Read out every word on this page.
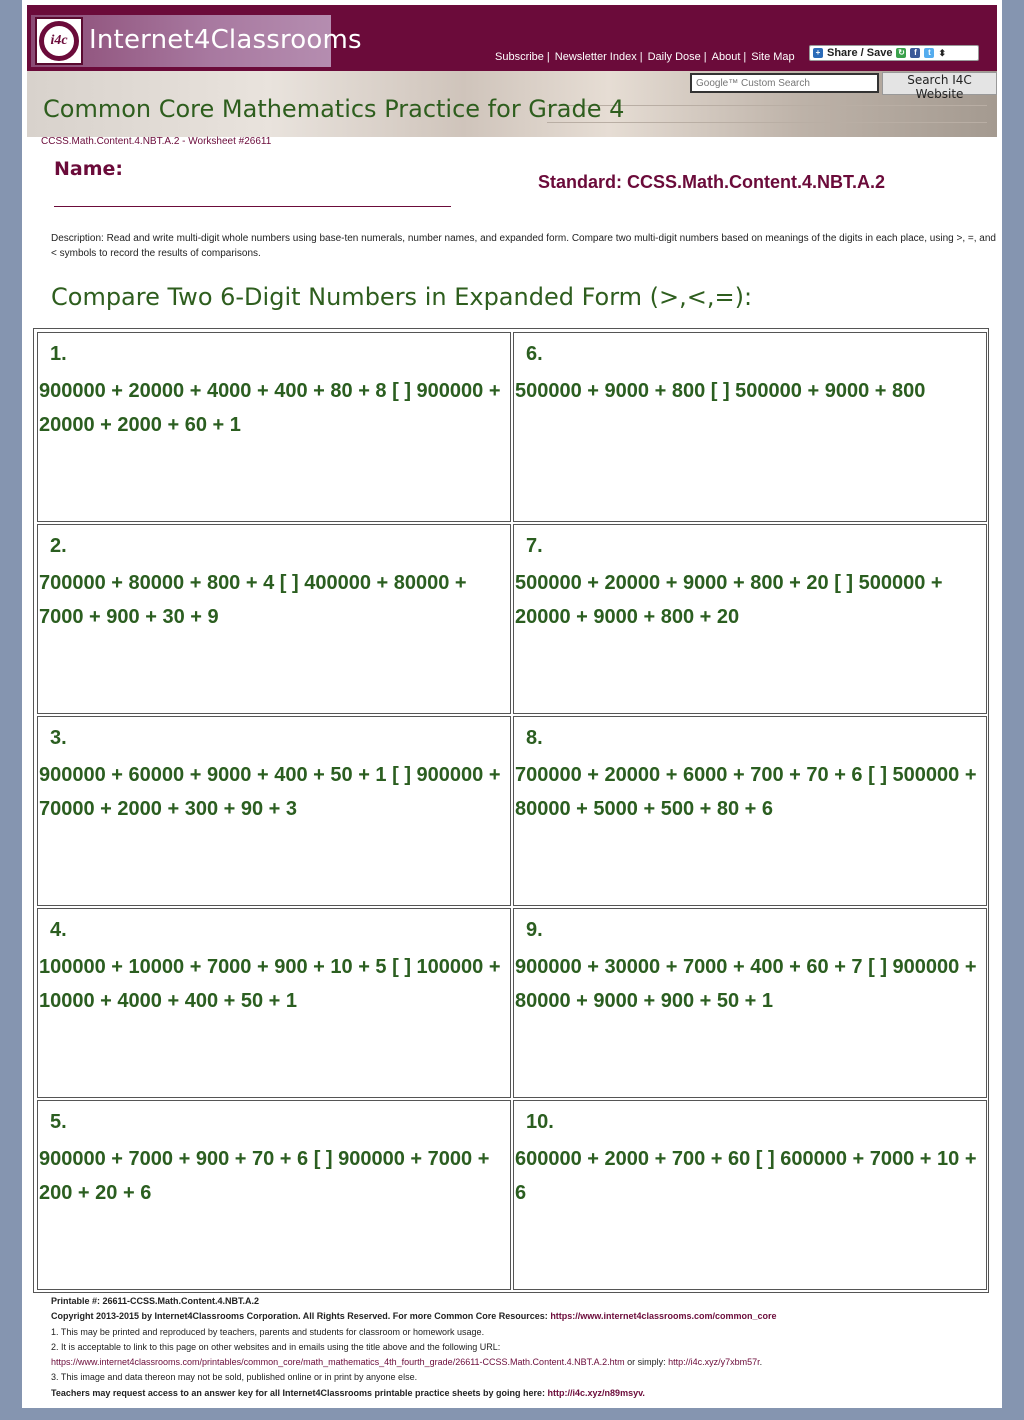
i4c Internet4Classrooms
Subscribe | Newsletter Index | Daily Dose | About | Site Map	+ Share / Save ↻	f	t ⬍
Google™ Custom Search
Search I4C Website
Common Core Mathematics Practice for Grade 4
CCSS.Math.Content.4.NBT.A.2 - Worksheet #26611
Name:
Standard: CCSS.Math.Content.4.NBT.A.2
Description: Read and write multi-digit whole numbers using base-ten numerals, number names, and expanded form. Compare two multi-digit numbers based on meanings of the digits in each place, using >, =, and < symbols to record the results of comparisons.
Compare Two 6-Digit Numbers in Expanded Form (>,<,=):
1.
900000 + 20000 + 4000 + 400 + 80 + 8 [ ] 900000 + 20000 + 2000 + 60 + 1
2.
700000 + 80000 + 800 + 4 [ ] 400000 + 80000 + 7000 + 900 + 30 + 9
3.
900000 + 60000 + 9000 + 400 + 50 + 1 [ ] 900000 + 70000 + 2000 + 300 + 90 + 3
4.
100000 + 10000 + 7000 + 900 + 10 + 5 [ ] 100000 + 10000 + 4000 + 400 + 50 + 1
5.
900000 + 7000 + 900 + 70 + 6 [ ] 900000 + 7000 + 200 + 20 + 6
6.
500000 + 9000 + 800 [ ] 500000 + 9000 + 800
7.
500000 + 20000 + 9000 + 800 + 20 [ ] 500000 + 20000 + 9000 + 800 + 20
8.
700000 + 20000 + 6000 + 700 + 70 + 6 [ ] 500000 + 80000 + 5000 + 500 + 80 + 6
9.
900000 + 30000 + 7000 + 400 + 60 + 7 [ ] 900000 + 80000 + 9000 + 900 + 50 + 1
10.
600000 + 2000 + 700 + 60 [ ] 600000 + 7000 + 10 + 6
Printable #: 26611-CCSS.Math.Content.4.NBT.A.2
Copyright 2013-2015 by Internet4Classrooms Corporation. All Rights Reserved. For more Common Core Resources: https://www.internet4classrooms.com/common_core
1. This may be printed and reproduced by teachers, parents and students for classroom or homework usage.
2. It is acceptable to link to this page on other websites and in emails using the title above and the following URL:
https://www.internet4classrooms.com/printables/common_core/math_mathematics_4th_fourth_grade/26611-CCSS.Math.Content.4.NBT.A.2.htm or simply: http://i4c.xyz/y7xbm57r.
3. This image and data thereon may not be sold, published online or in print by anyone else.
Teachers may request access to an answer key for all Internet4Classrooms printable practice sheets by going here: http://i4c.xyz/n89msyv.
